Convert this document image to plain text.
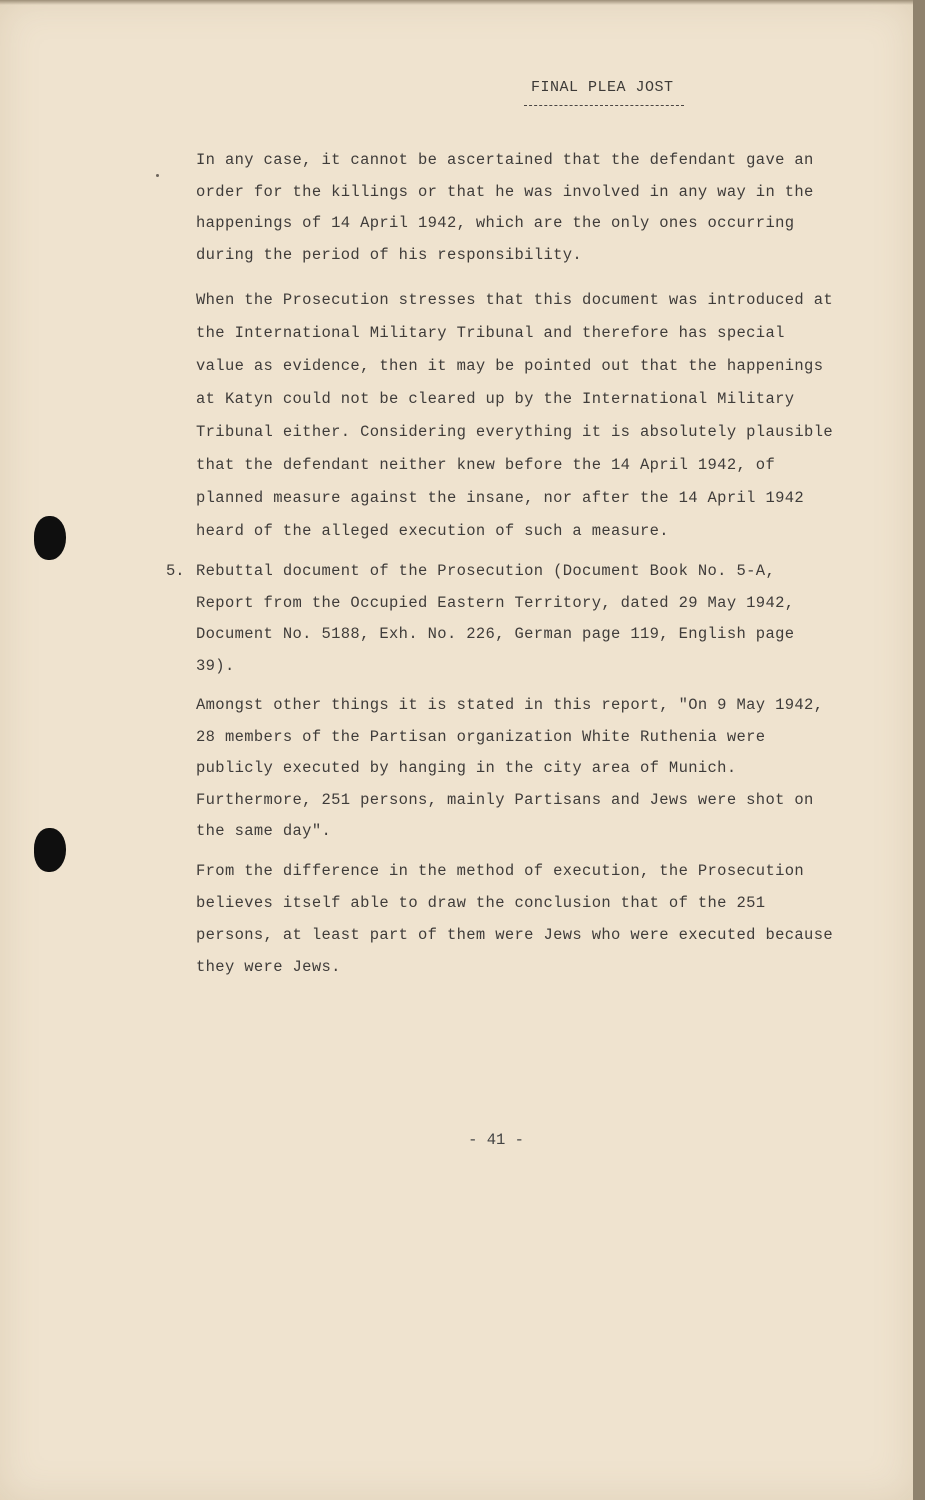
FINAL PLEA JOST
In any case, it cannot be ascertained that the defendant gave an order for the killings or that he was involved in any way in the happenings of 14 April 1942, which are the only ones occurring during the period of his responsibility.
When the Prosecution stresses that this document was introduced at the International Military Tribunal and therefore has special value as evidence, then it may be pointed out that the happenings at Katyn could not be cleared up by the International Military Tribunal either. Considering everything it is absolutely plausible that the defendant neither knew before the 14 April 1942, of planned measure against the insane, nor after the 14 April 1942 heard of the alleged execution of such a measure.
5. Rebuttal document of the Prosecution (Document Book No. 5-A, Report from the Occupied Eastern Territory, dated 29 May 1942, Document No. 5188, Exh. No. 226, German page 119, English page 39).
Amongst other things it is stated in this report, "On 9 May 1942, 28 members of the Partisan organization White Ruthenia were publicly executed by hanging in the city area of Munich. Furthermore, 251 persons, mainly Partisans and Jews were shot on the same day".
From the difference in the method of execution, the Prosecution believes itself able to draw the conclusion that of the 251 persons, at least part of them were Jews who were executed because they were Jews.
- 41 -
